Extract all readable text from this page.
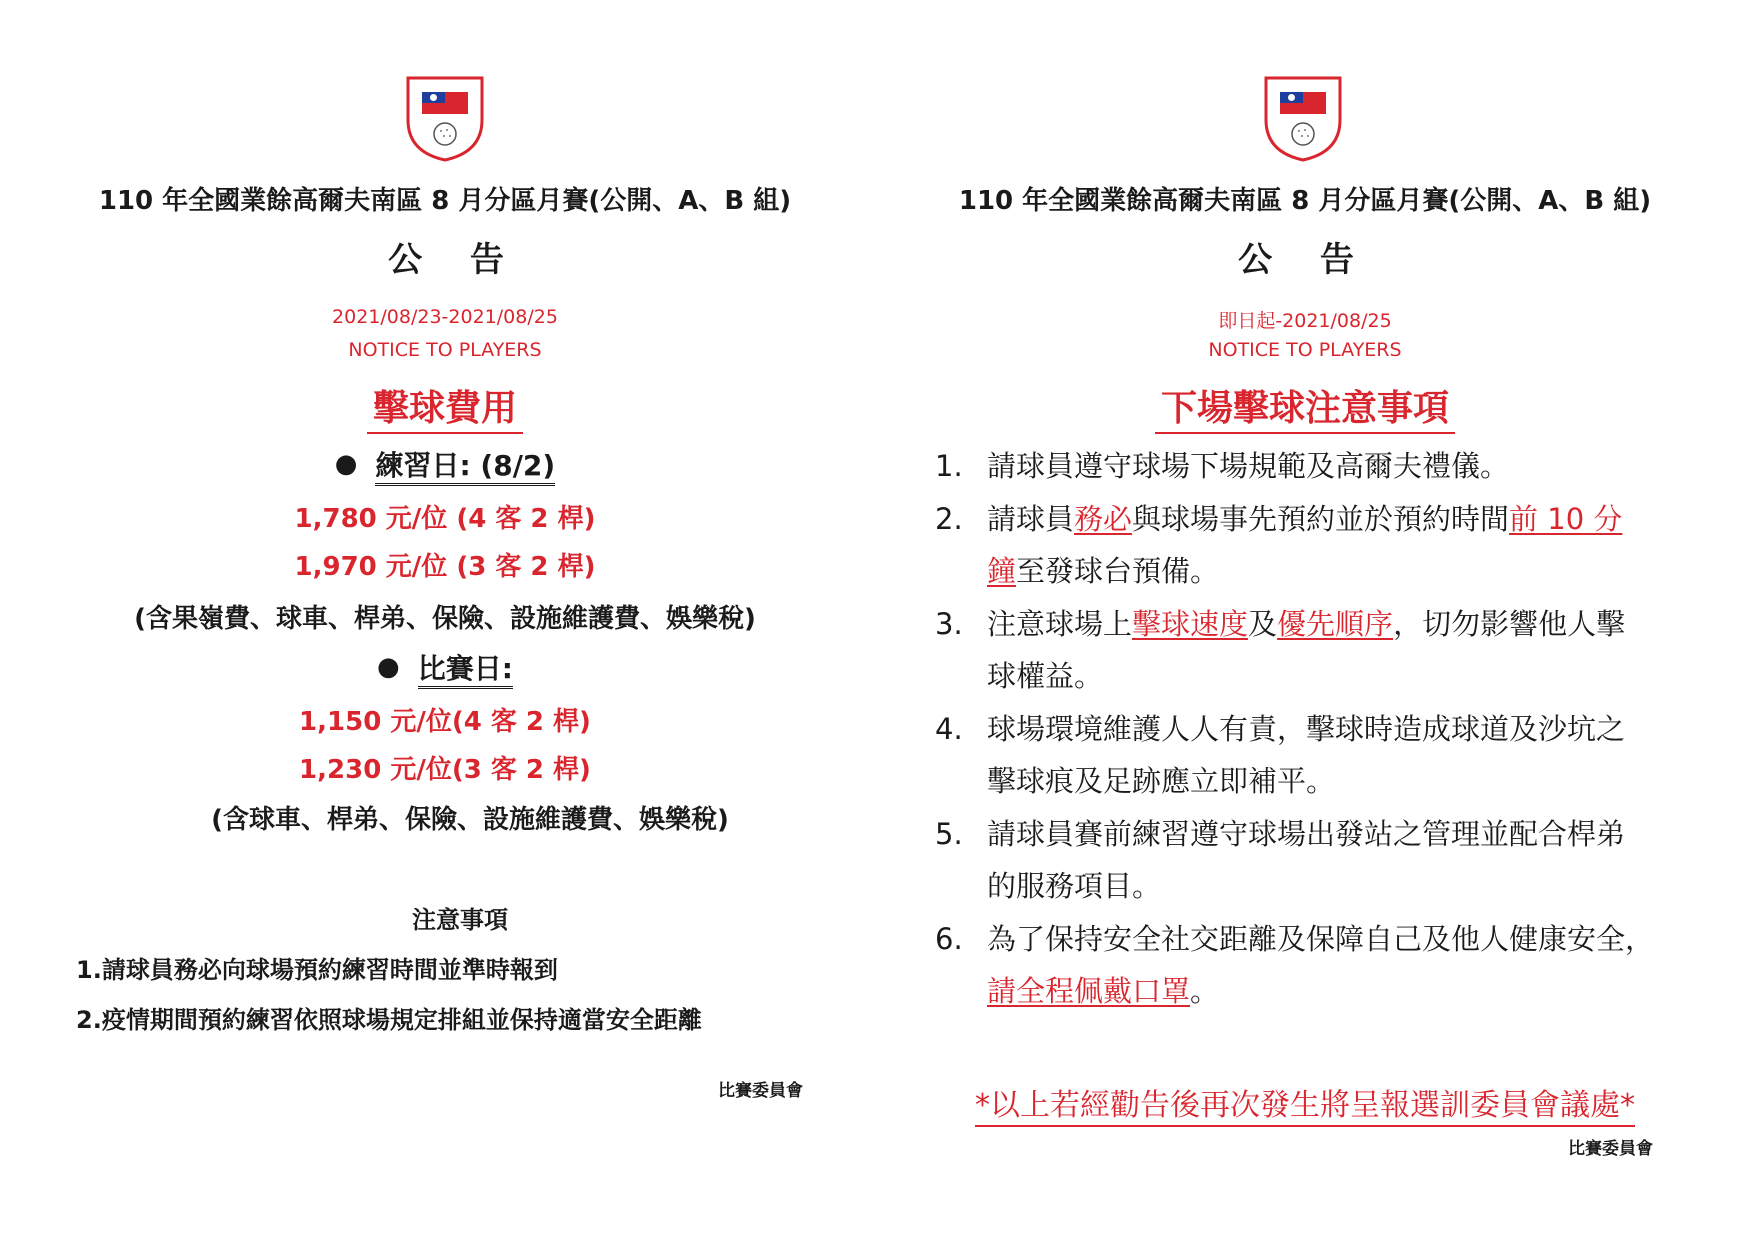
110 年全國業餘高爾夫南區 8 月分區月賽(公開、A、B 組)
公 告
2021/08/23-2021/08/25
NOTICE TO PLAYERS
擊球費用
● 練習日: (8/2)
1,780 元/位 (4 客 2 桿)
1,970 元/位 (3 客 2 桿)
(含果嶺費、球車、桿弟、保險、設施維護費、娛樂稅)
● 比賽日:
1,150 元/位(4 客 2 桿)
1,230 元/位(3 客 2 桿)
(含球車、桿弟、保險、設施維護費、娛樂稅)
注意事項
1.請球員務必向球場預約練習時間並準時報到
2.疫情期間預約練習依照球場規定排組並保持適當安全距離
比賽委員會
110 年全國業餘高爾夫南區 8 月分區月賽(公開、A、B 組)
公 告
即日起-2021/08/25
NOTICE TO PLAYERS
下場擊球注意事項
1. 請球員遵守球場下場規範及高爾夫禮儀。
2. 請球員務必與球場事先預約並於預約時間前 10 分
鐘至發球台預備。
3. 注意球場上擊球速度及優先順序，切勿影響他人擊
球權益。
4. 球場環境維護人人有責，擊球時造成球道及沙坑之
擊球痕及足跡應立即補平。
5. 請球員賽前練習遵守球場出發站之管理並配合桿弟
的服務項目。
6. 為了保持安全社交距離及保障自己及他人健康安全，
請全程佩戴口罩。
*以上若經勸告後再次發生將呈報選訓委員會議處*
比賽委員會
